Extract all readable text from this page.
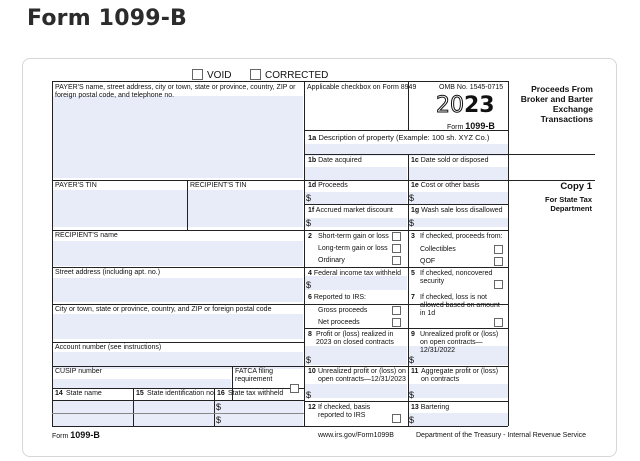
Form 1099-B
VOID	CORRECTED
PAYER'S name, street address, city or town, state or province, country, ZIP or foreign postal code, and telephone no.
PAYER'S TIN	RECIPIENT'S TIN
RECIPIENT'S name
Street address (including apt. no.)
City or town, state or province, country, and ZIP or foreign postal code
Account number (see instructions)
CUSIP number	FATCA filing requirement
14 State name	15 State identification no. 16 State tax withheld
$
$
Applicable checkbox on Form 8949	OMB No. 1545-0715
2023
Form 1099-B
Proceeds From Broker and Barter Exchange Transactions
Copy 1
For State Tax Department
1a Description of property (Example: 100 sh. XYZ Co.)
1b Date acquired	1c Date sold or disposed
1d Proceeds
$
1e Cost or other basis
$
1f Accrued market discount
$
1g Wash sale loss disallowed
$
2 Short-term gain or loss
Long-term gain or loss
Ordinary
3 If checked, proceeds from:
Collectibles
QOF
4 Federal income tax withheld
$
5 If checked, noncovered security
6 Reported to IRS:
Gross proceeds
Net proceeds
7 If checked, loss is not allowed based on amount in 1d
8 Profit or (loss) realized in 2023 on closed contracts
$
9 Unrealized profit or (loss) on open contracts—12/31/2022
$
10 Unrealized profit or (loss) on open contracts—12/31/2023
$
11 Aggregate profit or (loss) on contracts
$
12 If checked, basis reported to IRS
13 Bartering
$
Form 1099-B	www.irs.gov/Form1099B	Department of the Treasury - Internal Revenue Service
